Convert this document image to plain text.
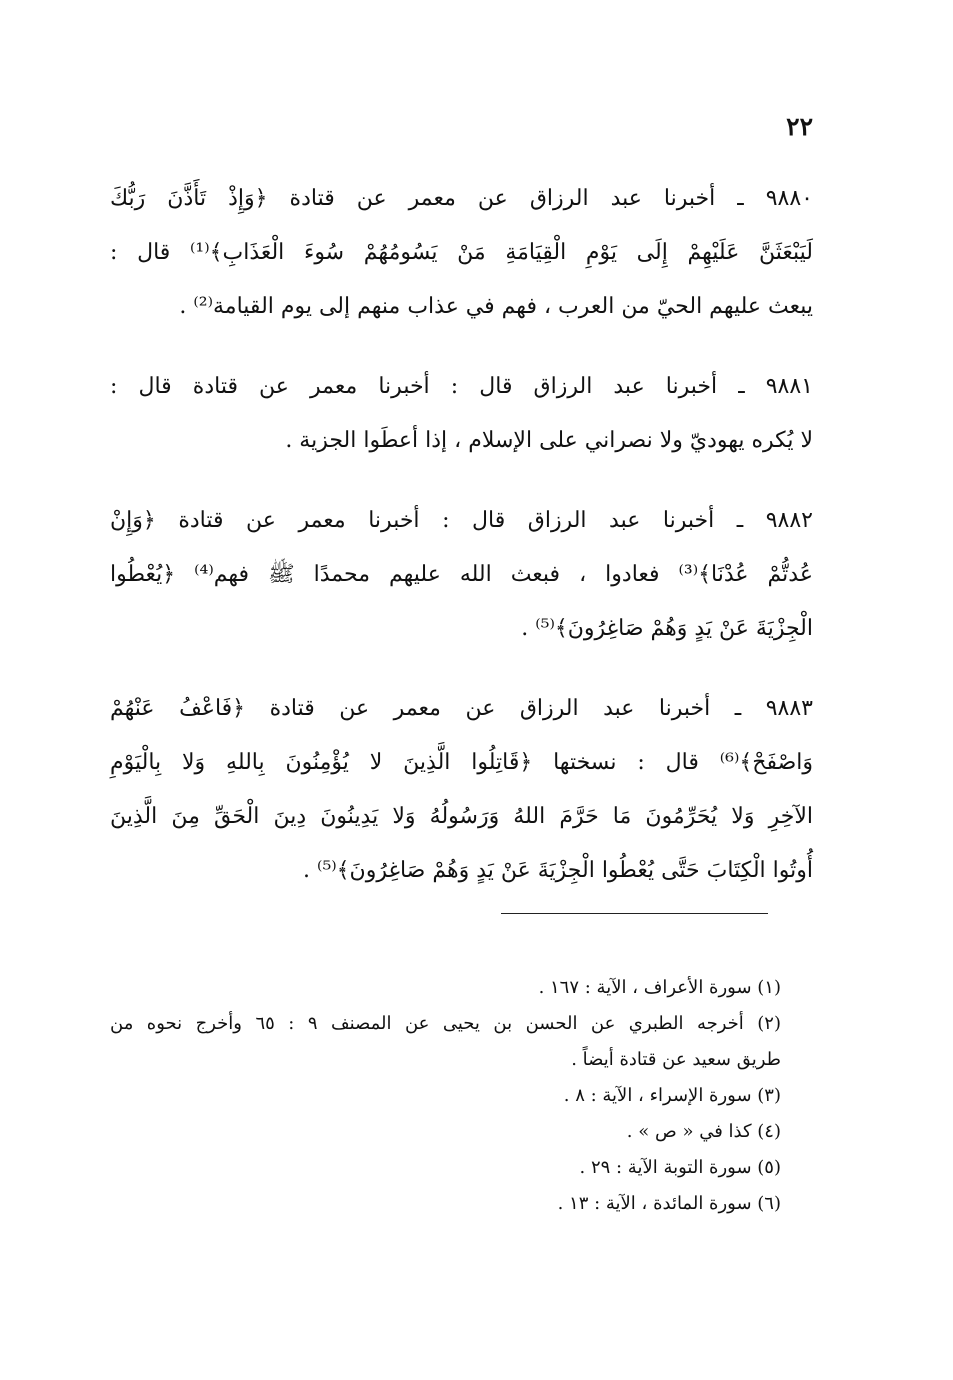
٢٢
٩٨٨٠ ـ أخبرنا عبد الرزاق عن معمر عن قتادة ﴿وَإِذْ تَأَذَّنَ رَبُّكَ
لَيَبْعَثَنَّ عَلَيْهِمْ إِلَى يَوْمِ الْقِيَامَةِ مَنْ يَسُومُهُمْ سُوءَ الْعَذَابِ﴾⁽¹⁾ قال :
يبعث عليهم الحيّ من العرب ، فهم في عذاب منهم إلى يوم القيامة⁽²⁾ .
٩٨٨١ ـ أخبرنا عبد الرزاق قال : أخبرنا معمر عن قتادة قال :
لا يُكره يهوديّ ولا نصراني على الإسلام ، إذا أعطَوا الجزية .
٩٨٨٢ ـ أخبرنا عبد الرزاق قال : أخبرنا معمر عن قتادة ﴿وَإِنْ
عُدتُّمْ عُدْنَا﴾⁽³⁾ فعادوا ، فبعث الله عليهم محمدًا ﷺ فهم⁽⁴⁾ ﴿يُعْطُوا
الْجِزْيَةَ عَنْ يَدٍ وَهُمْ صَاغِرُونَ﴾⁽⁵⁾ .
٩٨٨٣ ـ أخبرنا عبد الرزاق عن معمر عن قتادة ﴿فَاعْفُ عَنْهُمْ
وَاصْفَحْ﴾⁽⁶⁾ قال : نسختها ﴿قَاتِلُوا الَّذِينَ لا يُؤْمِنُونَ بِاللهِ وَلا بِالْيَوْمِ
الآخِرِ وَلا يُحَرِّمُونَ مَا حَرَّمَ اللهُ وَرَسُولُهُ وَلا يَدِينُونَ دِينَ الْحَقِّ مِنَ الَّذِينَ
أُوتُوا الْكِتَابَ حَتَّى يُعْطُوا الْجِزْيَةَ عَنْ يَدٍ وَهُمْ صَاغِرُونَ﴾⁽⁵⁾ .
(١) سورة الأعراف ، الآية : ١٦٧ .
(٢) أخرجه الطبري عن الحسن بن يحيى عن المصنف ٩ : ٦٥ وأخرج نحوه من
طريق سعيد عن قتادة أيضاً .
(٣) سورة الإسراء ، الآية : ٨ .
(٤) كذا في « ص » .
(٥) سورة التوبة الآية : ٢٩ .
(٦) سورة المائدة ، الآية : ١٣ .
